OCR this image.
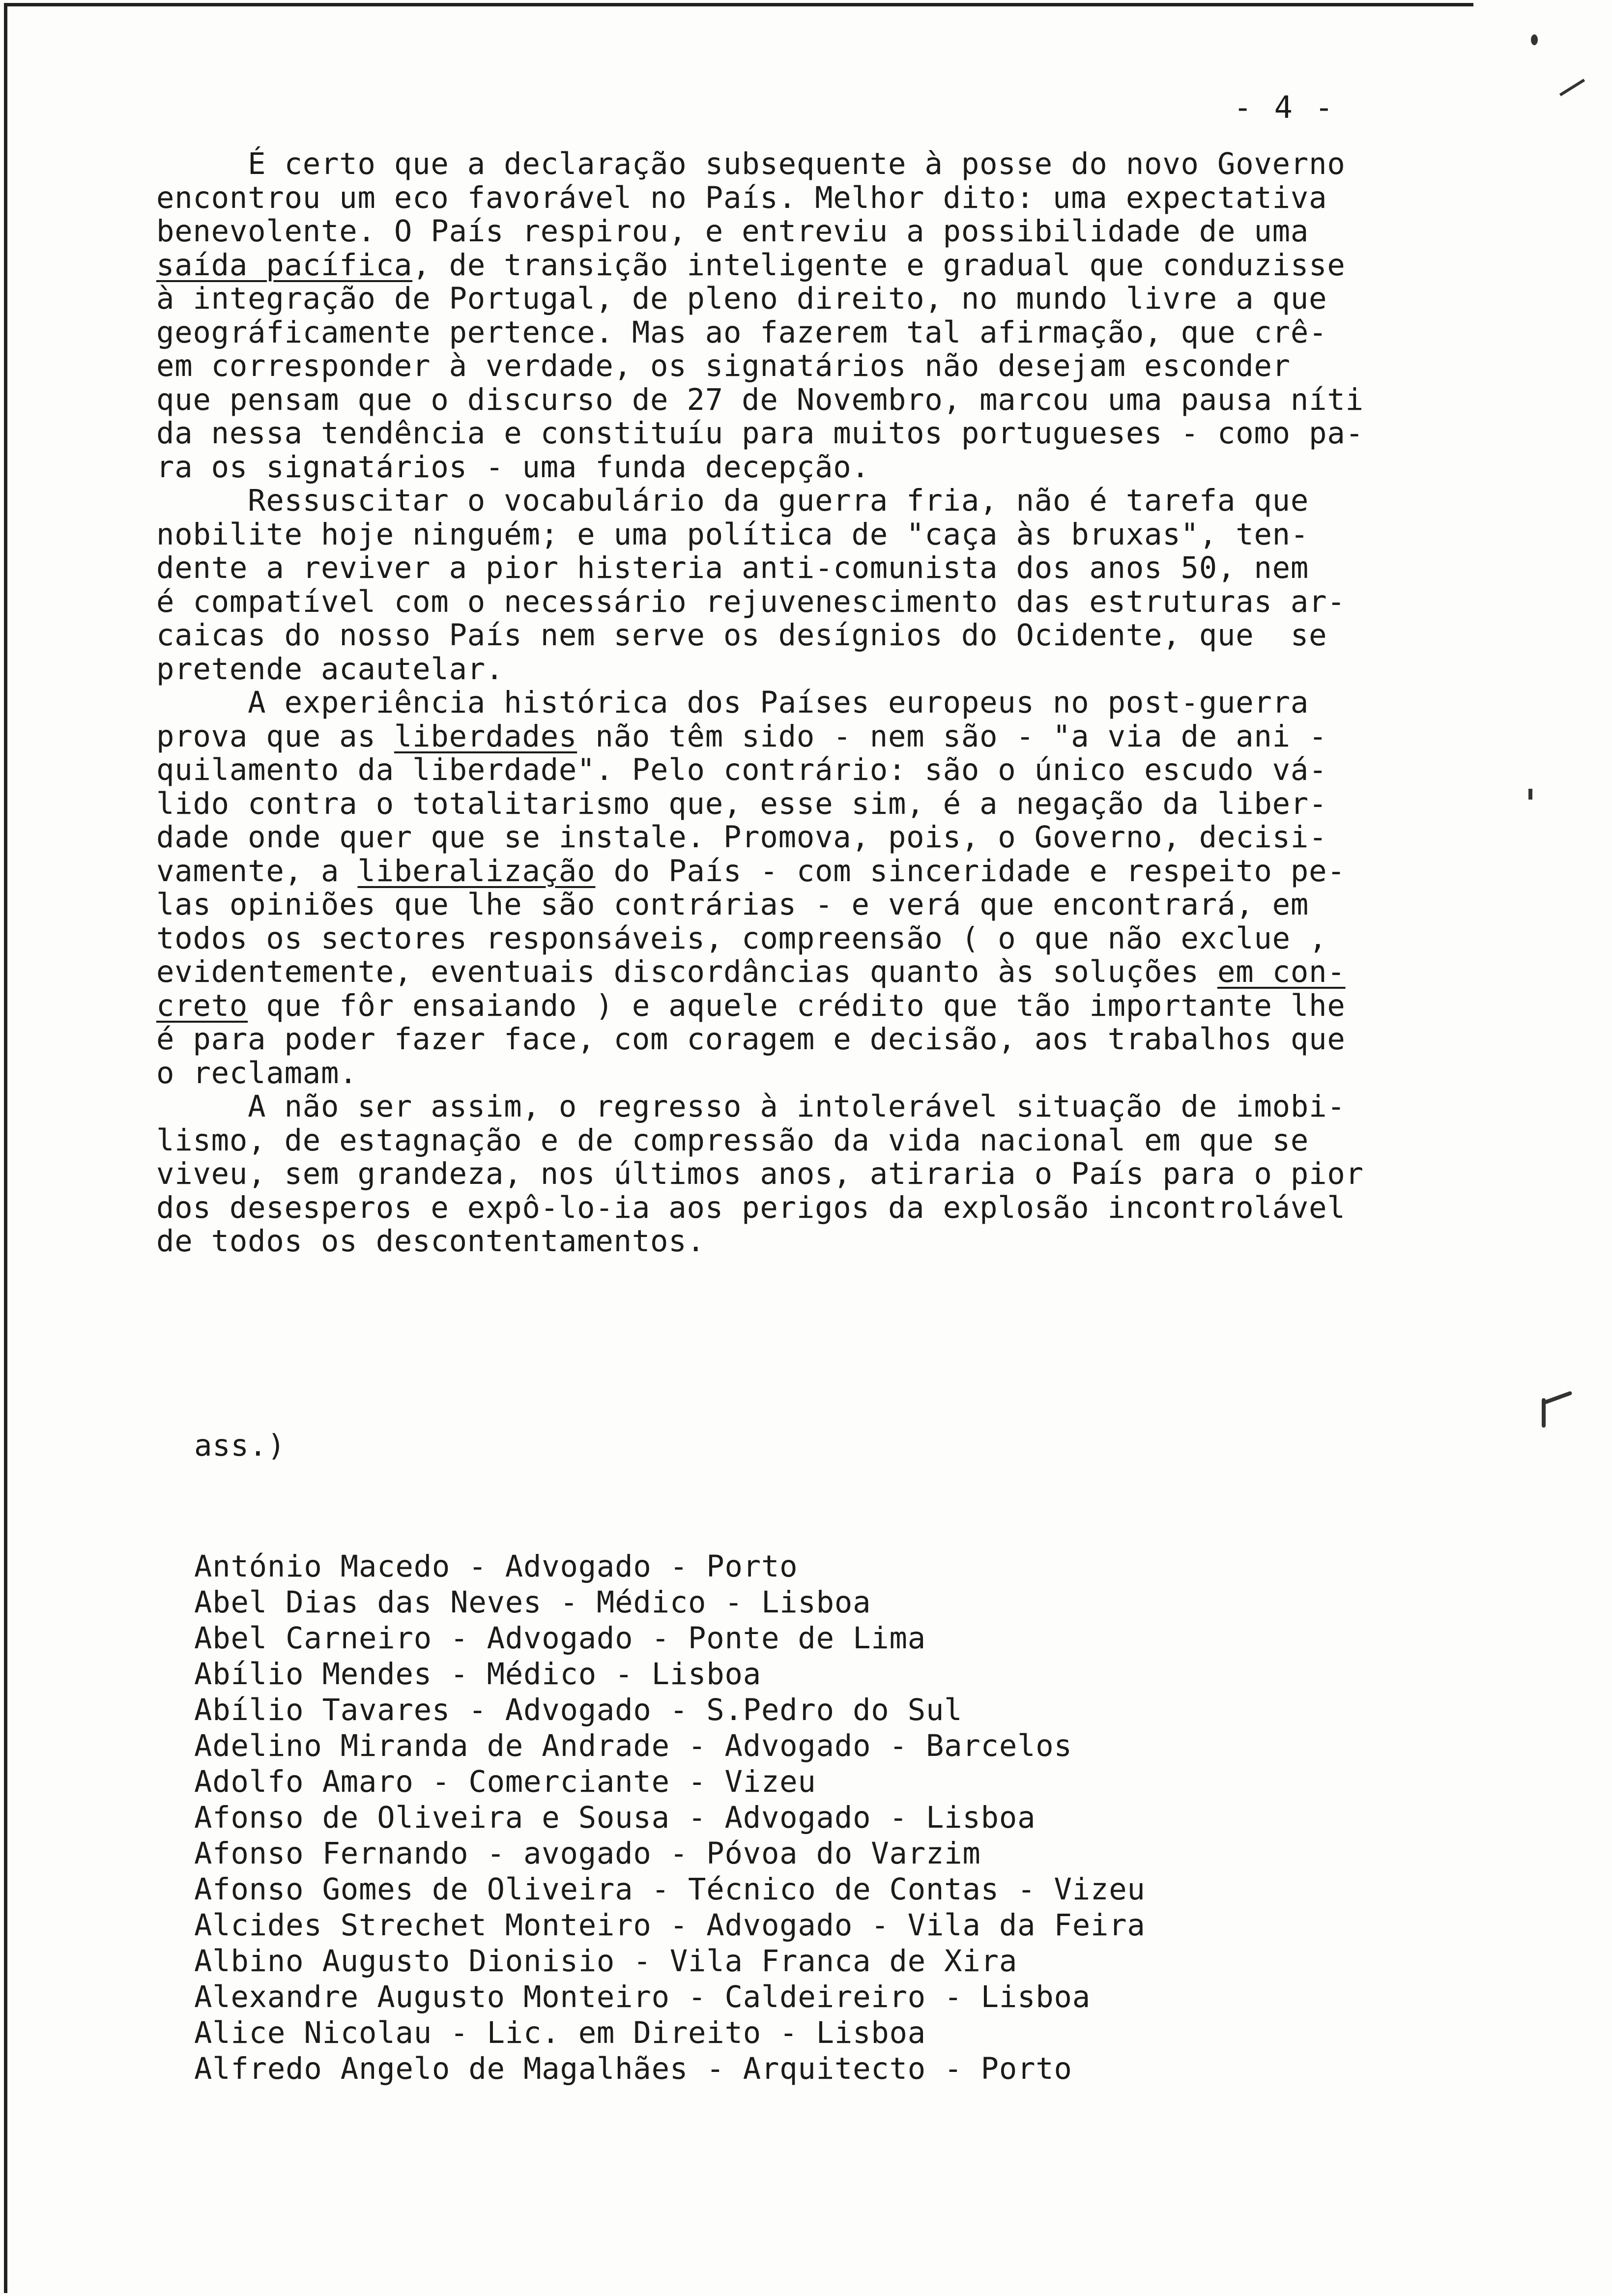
- 4 -
É certo que a declaração subsequente à posse do novo Governo
encontrou um eco favorável no País. Melhor dito: uma expectativa
benevolente. O País respirou, e entreviu a possibilidade de uma
saída pacífica, de transição inteligente e gradual que conduzisse
à integração de Portugal, de pleno direito, no mundo livre a que
geográficamente pertence. Mas ao fazerem tal afirmação, que crê-
em corresponder à verdade, os signatários não desejam esconder
que pensam que o discurso de 27 de Novembro, marcou uma pausa níti
da nessa tendência e constituíu para muitos portugueses - como pa-
ra os signatários - uma funda decepção.
Ressuscitar o vocabulário da guerra fria, não é tarefa que
nobilite hoje ninguém; e uma política de "caça às bruxas", ten-
dente a reviver a pior histeria anti-comunista dos anos 50, nem
é compatível com o necessário rejuvenescimento das estruturas ar-
caicas do nosso País nem serve os desígnios do Ocidente, que  se
pretende acautelar.
A experiência histórica dos Países europeus no post-guerra
prova que as liberdades não têm sido - nem são - "a via de ani -
quilamento da liberdade". Pelo contrário: são o único escudo vá-
lido contra o totalitarismo que, esse sim, é a negação da liber-
dade onde quer que se instale. Promova, pois, o Governo, decisi-
vamente, a liberalização do País - com sinceridade e respeito pe-
las opiniões que lhe são contrárias - e verá que encontrará, em
todos os sectores responsáveis, compreensão ( o que não exclue ,
evidentemente, eventuais discordâncias quanto às soluções em con-
creto que fôr ensaiando ) e aquele crédito que tão importante lhe
é para poder fazer face, com coragem e decisão, aos trabalhos que
o reclamam.
A não ser assim, o regresso à intolerável situação de imobi-
lismo, de estagnação e de compressão da vida nacional em que se
viveu, sem grandeza, nos últimos anos, atiraria o País para o pior
dos desesperos e expô-lo-ia aos perigos da explosão incontrolável
de todos os descontentamentos.

ass.)

António Macedo - Advogado - Porto
Abel Dias das Neves - Médico - Lisboa
Abel Carneiro - Advogado - Ponte de Lima
Abílio Mendes - Médico - Lisboa
Abílio Tavares - Advogado - S.Pedro do Sul
Adelino Miranda de Andrade - Advogado - Barcelos
Adolfo Amaro - Comerciante - Vizeu
Afonso de Oliveira e Sousa - Advogado - Lisboa
Afonso Fernando - avogado - Póvoa do Varzim
Afonso Gomes de Oliveira - Técnico de Contas - Vizeu
Alcides Strechet Monteiro - Advogado - Vila da Feira
Albino Augusto Dionisio - Vila Franca de Xira
Alexandre Augusto Monteiro - Caldeireiro - Lisboa
Alice Nicolau - Lic. em Direito - Lisboa
Alfredo Angelo de Magalhães - Arquitecto - Porto
